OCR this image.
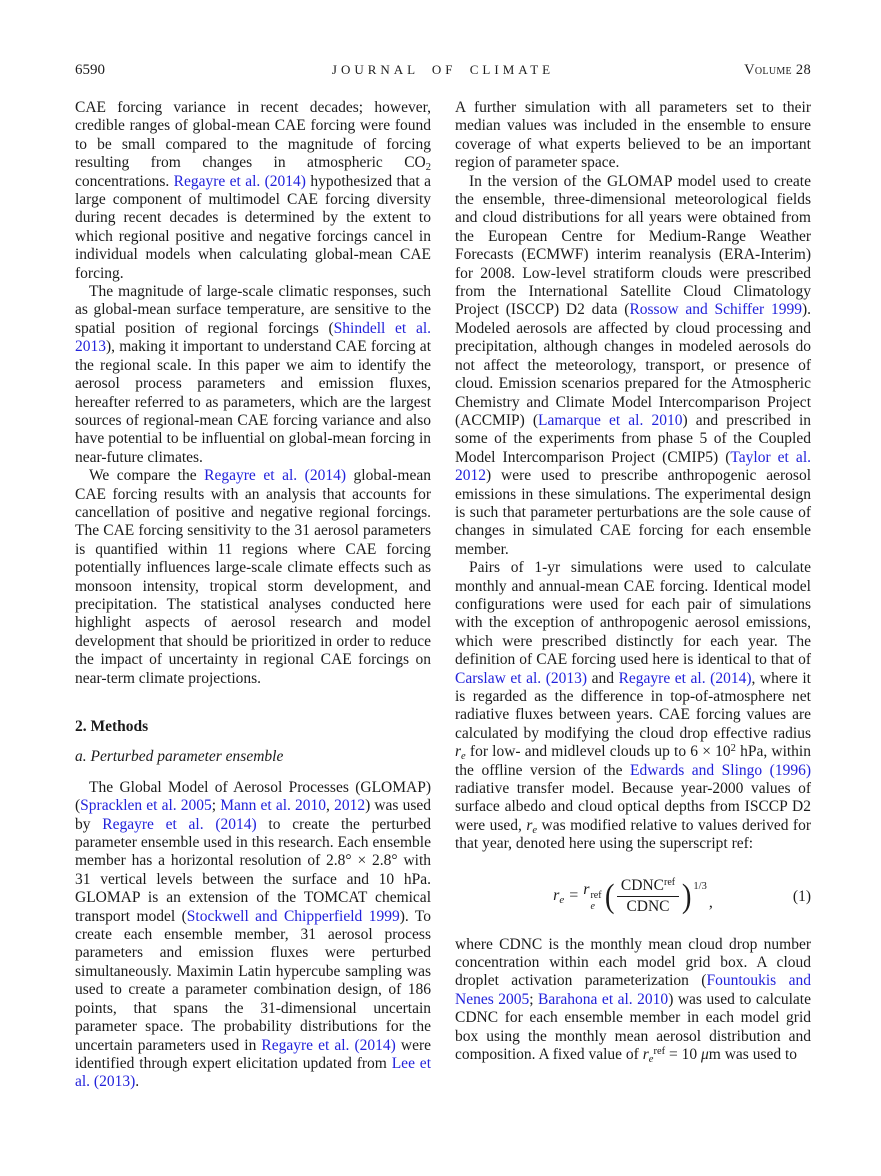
6590	JOURNAL OF CLIMATE	Volume 28

CAE forcing variance in recent decades; however, credible ranges of global-mean CAE forcing were found to be small compared to the magnitude of forcing resulting from changes in atmospheric $CO_2$ concentrations. Regayre et al. (2014) hypothesized that a large component of multimodel CAE forcing diversity during recent decades is determined by the extent to which regional positive and negative forcings cancel in individual models when calculating global-mean CAE forcing.

The magnitude of large-scale climatic responses, such as global-mean surface temperature, are sensitive to the spatial position of regional forcings (Shindell et al. 2013), making it important to understand CAE forcing at the regional scale. In this paper we aim to identify the aerosol process parameters and emission fluxes, hereafter referred to as parameters, which are the largest sources of regional-mean CAE forcing variance and also have potential to be influential on global-mean forcing in near-future climates.

We compare the Regayre et al. (2014) global-mean CAE forcing results with an analysis that accounts for cancellation of positive and negative regional forcings. The CAE forcing sensitivity to the 31 aerosol parameters is quantified within 11 regions where CAE forcing potentially influences large-scale climate effects such as monsoon intensity, tropical storm development, and precipitation. The statistical analyses conducted here highlight aspects of aerosol research and model development that should be prioritized in order to reduce the impact of uncertainty in regional CAE forcings on near-term climate projections.

2. Methods
a. Perturbed parameter ensemble

The Global Model of Aerosol Processes (GLOMAP) (Spracklen et al. 2005; Mann et al. 2010, 2012) was used by Regayre et al. (2014) to create the perturbed parameter ensemble used in this research. Each ensemble member has a horizontal resolution of 2.8° × 2.8° with 31 vertical levels between the surface and 10 hPa. GLOMAP is an extension of the TOMCAT chemical transport model (Stockwell and Chipperfield 1999). To create each ensemble member, 31 aerosol process parameters and emission fluxes were perturbed simultaneously. Maximin Latin hypercube sampling was used to create a parameter combination design, of 186 points, that spans the 31-dimensional uncertain parameter space. The probability distributions for the uncertain parameters used in Regayre et al. (2014) were identified through expert elicitation updated from Lee et al. (2013).

A further simulation with all parameters set to their median values was included in the ensemble to ensure coverage of what experts believed to be an important region of parameter space.

In the version of the GLOMAP model used to create the ensemble, three-dimensional meteorological fields and cloud distributions for all years were obtained from the European Centre for Medium-Range Weather Forecasts (ECMWF) interim reanalysis (ERA-Interim) for 2008. Low-level stratiform clouds were prescribed from the International Satellite Cloud Climatology Project (ISCCP) D2 data (Rossow and Schiffer 1999). Modeled aerosols are affected by cloud processing and precipitation, although changes in modeled aerosols do not affect the meteorology, transport, or presence of cloud. Emission scenarios prepared for the Atmospheric Chemistry and Climate Model Intercomparison Project (ACCMIP) (Lamarque et al. 2010) and prescribed in some of the experiments from phase 5 of the Coupled Model Intercomparison Project (CMIP5) (Taylor et al. 2012) were used to prescribe anthropogenic aerosol emissions in these simulations. The experimental design is such that parameter perturbations are the sole cause of changes in simulated CAE forcing for each ensemble member.

Pairs of 1-yr simulations were used to calculate monthly and annual-mean CAE forcing. Identical model configurations were used for each pair of simulations with the exception of anthropogenic aerosol emissions, which were prescribed distinctly for each year. The definition of CAE forcing used here is identical to that of Carslaw et al. (2013) and Regayre et al. (2014), where it is regarded as the difference in top-of-atmosphere net radiative fluxes between years. CAE forcing values are calculated by modifying the cloud drop effective radius $r_e$ for low- and midlevel clouds up to $6 \times 10^2$ hPa, within the offline version of the Edwards and Slingo (1996) radiative transfer model. Because year-2000 values of surface albedo and cloud optical depths from ISCCP D2 were used, $r_e$ was modified relative to values derived for that year, denoted here using the superscript ref:

$r_e = r$ ref
e ( $\frac{CDNC^{ref}}{\text{CDNC}}$ ) 1/3
,	(1)

where CDNC is the monthly mean cloud drop number concentration within each model grid box. A cloud droplet activation parameterization (Fountoukis and Nenes 2005; Barahona et al. 2010) was used to calculate CDNC for each ensemble member in each model grid box using the monthly mean aerosol distribution and composition. A fixed value of $r_e^{ref} = 10$ μm was used to
